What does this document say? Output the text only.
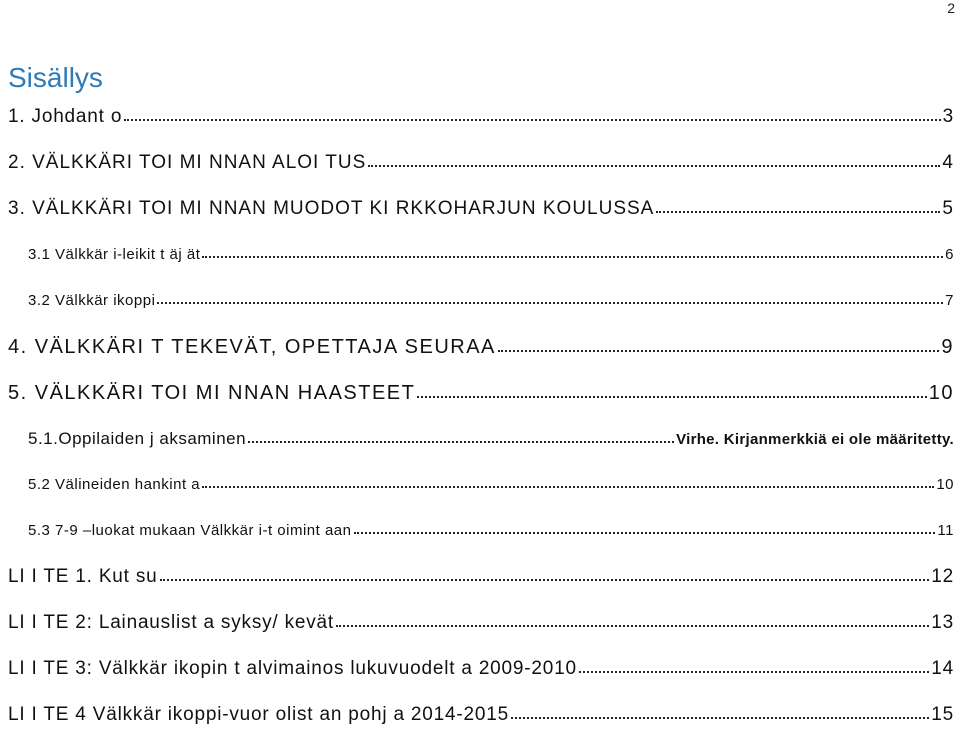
2
Sisällys
1. Johdant o	3
2. VÄLKKÄRI TOI MI NNAN ALOI TUS	4
3. VÄLKKÄRI TOI MI NNAN MUODOT KI RKKOHARJUN KOULUSSA	5
3.1 Välkkär i-leikit t äj ät	6
3.2 Välkkär ikoppi	7
4. VÄLKKÄRI T TEKEVÄT, OPETTAJA SEURAA	9
5. VÄLKKÄRI TOI MI NNAN HAASTEET	10
5.1.Oppilaiden j aksaminen	Virhe. Kirjanmerkkiä ei ole määritetty.
5.2 Välineiden hankint a	10
5.3 7-9 –luokat mukaan Välkkär i-t oimint aan	11
LI I TE 1. Kut su	12
LI I TE 2: Lainauslist a syksy/ kevät	13
LI I TE 3: Välkkär ikopin t alvimainos lukuvuodelt a 2009-2010	14
LI I TE 4 Välkkär ikoppi-vuor olist an pohj a 2014-2015	15
